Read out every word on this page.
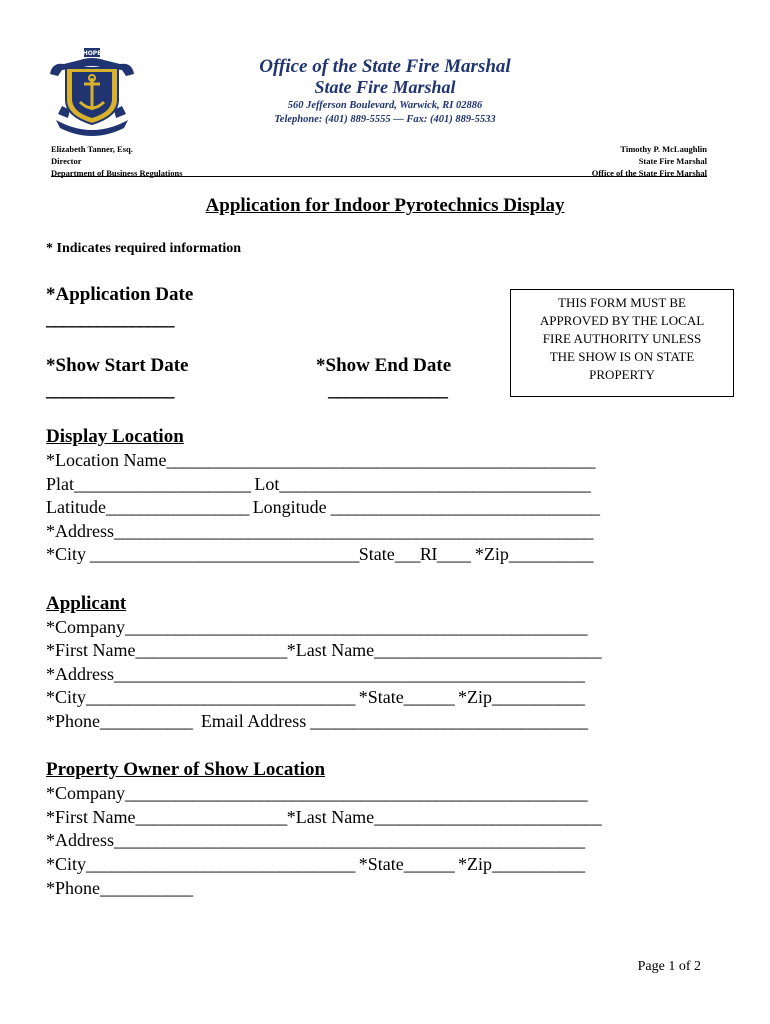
HOPE
Office of the State Fire Marshal
State Fire Marshal
560 Jefferson Boulevard, Warwick, RI 02886
Telephone: (401) 889-5555 — Fax: (401) 889-5533
Elizabeth Tanner, Esq.
Director
Department of Business Regulations
Timothy P. McLaughlin
State Fire Marshal
Office of the State Fire Marshal
Application for Indoor Pyrotechnics Display
* Indicates required information
*Application Date
_______________
*Show Start Date
_______________
*Show End Date
______________
THIS FORM MUST BE
APPROVED BY THE LOCAL
FIRE AUTHORITY UNLESS
THE SHOW IS ON STATE
PROPERTY
Display Location
*Location Name___________________________________________________
Plat_____________________ Lot_____________________________________
Latitude_________________ Longitude ________________________________
*Address_________________________________________________________
*City ________________________________State___RI____ *Zip__________
Applicant
*Company_______________________________________________________
*First Name__________________*Last Name___________________________
*Address________________________________________________________
*City________________________________ *State______ *Zip___________
*Phone___________  Email Address _________________________________
Property Owner of Show Location
*Company_______________________________________________________
*First Name__________________*Last Name___________________________
*Address________________________________________________________
*City________________________________ *State______ *Zip___________
*Phone___________
Page 1 of 2
